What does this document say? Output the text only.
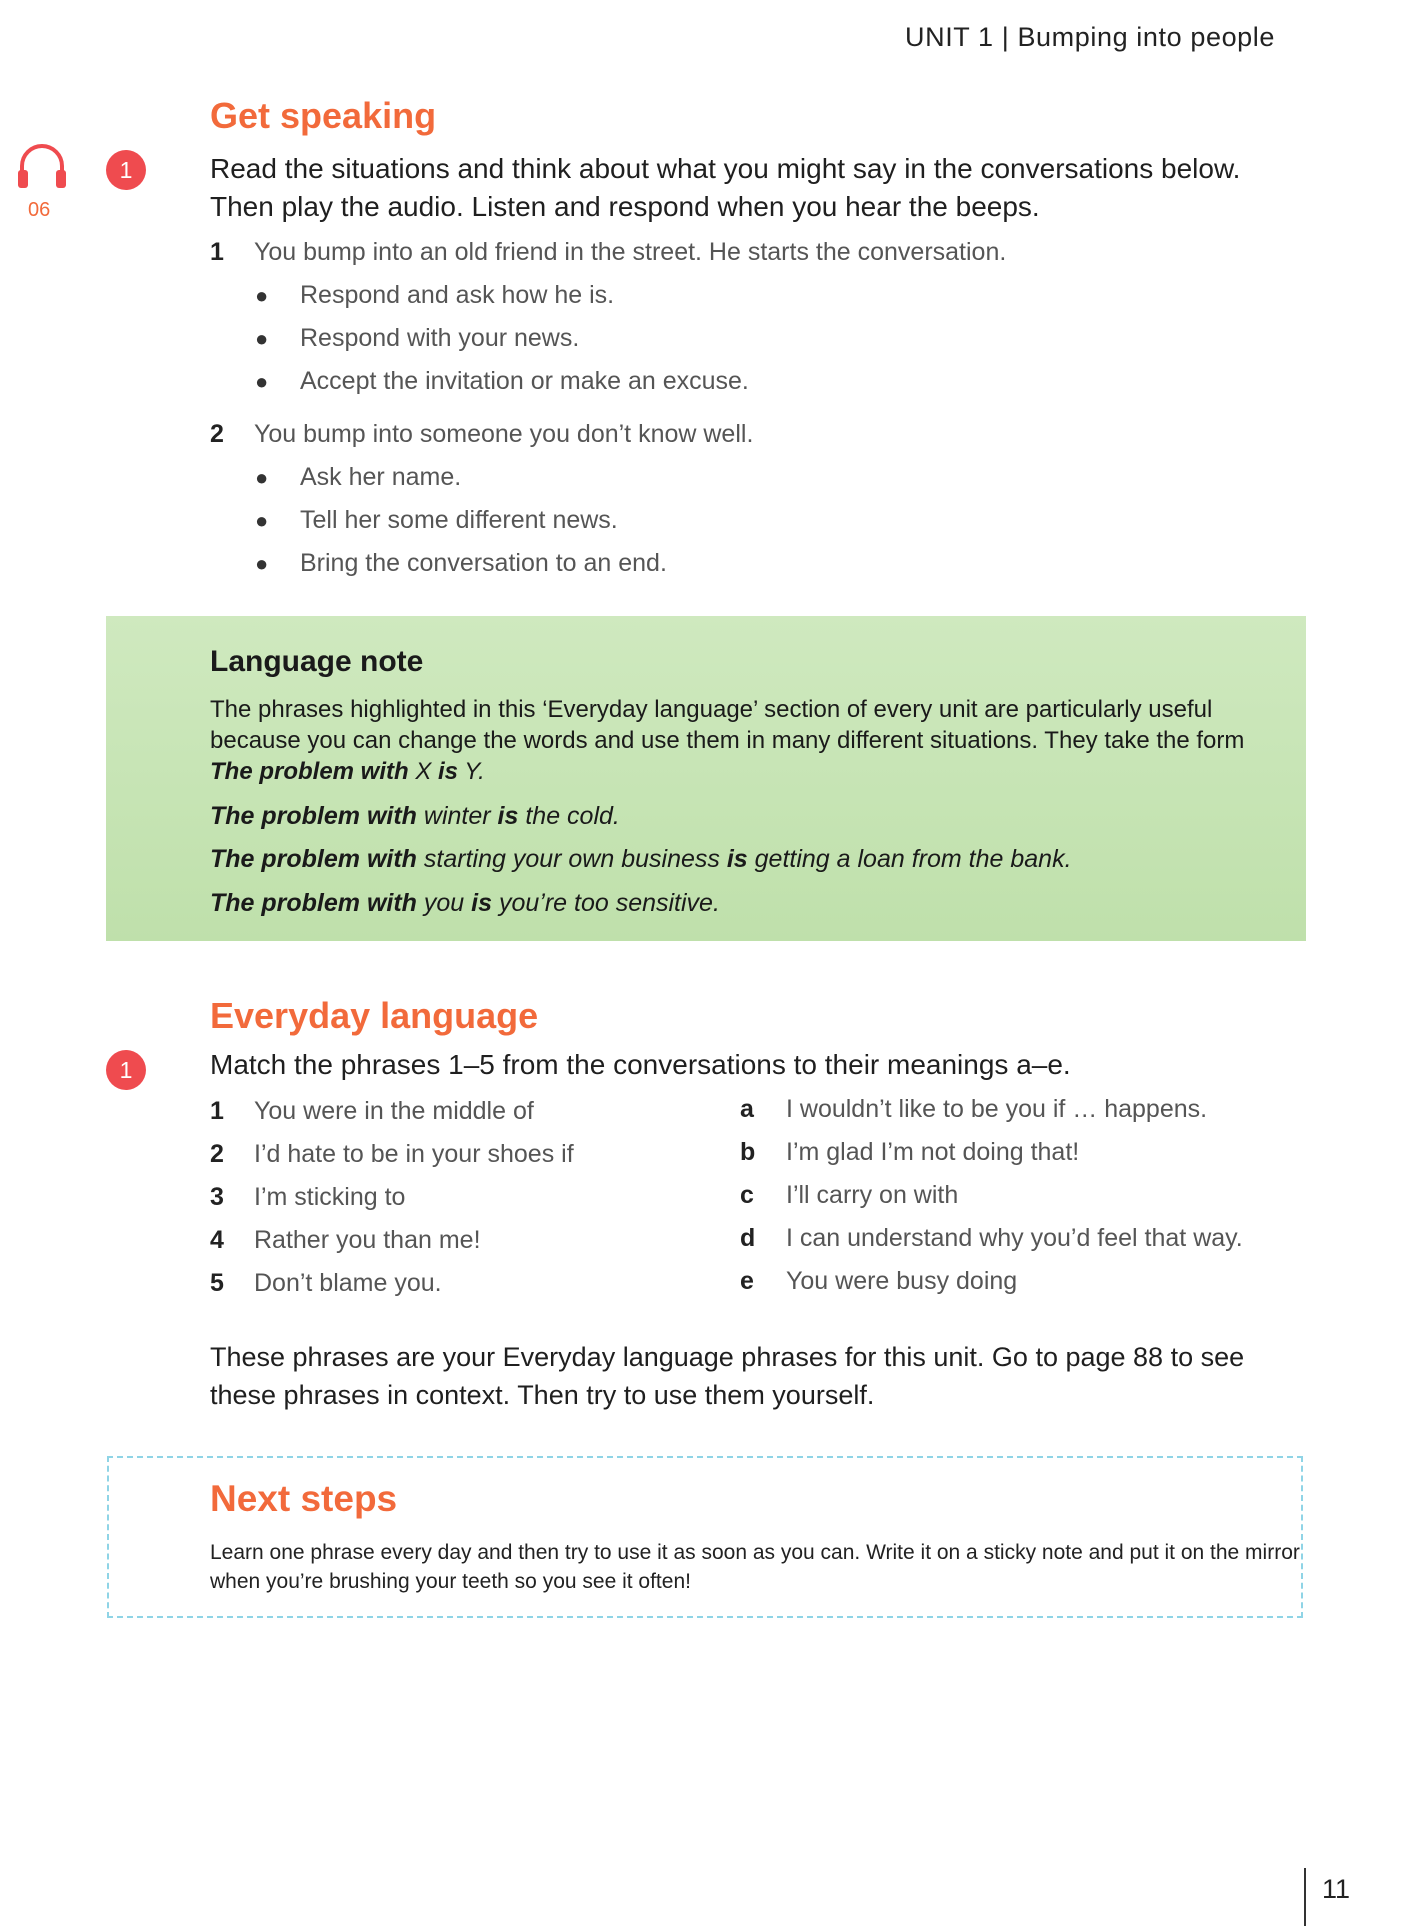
UNIT 1 | Bumping into people
Get speaking
06
1	Read the situations and think about what you might say in the conversations below. Then play the audio. Listen and respond when you hear the beeps.
1 You bump into an old friend in the street. He starts the conversation.
● Respond and ask how he is.
● Respond with your news.
● Accept the invitation or make an excuse.
2 You bump into someone you don’t know well.
● Ask her name.
● Tell her some different news.
● Bring the conversation to an end.
Language note
The phrases highlighted in this ‘Everyday language’ section of every unit are particularly useful because you can change the words and use them in many different situations. They take the form The problem with X is Y.
The problem with winter is the cold.
The problem with starting your own business is getting a loan from the bank.
The problem with you is you’re too sensitive.
Everyday language
1	Match the phrases 1–5 from the conversations to their meanings a–e.
1 You were in the middle of
2 I’d hate to be in your shoes if
3 I’m sticking to
4 Rather you than me!
5 Don’t blame you.
a I wouldn’t like to be you if … happens.
b I’m glad I’m not doing that!
c I’ll carry on with
d I can understand why you’d feel that way.
e You were busy doing
These phrases are your Everyday language phrases for this unit. Go to page 88 to see these phrases in context. Then try to use them yourself.
Next steps
Learn one phrase every day and then try to use it as soon as you can. Write it on a sticky note and put it on the mirror when you’re brushing your teeth so you see it often!
11
